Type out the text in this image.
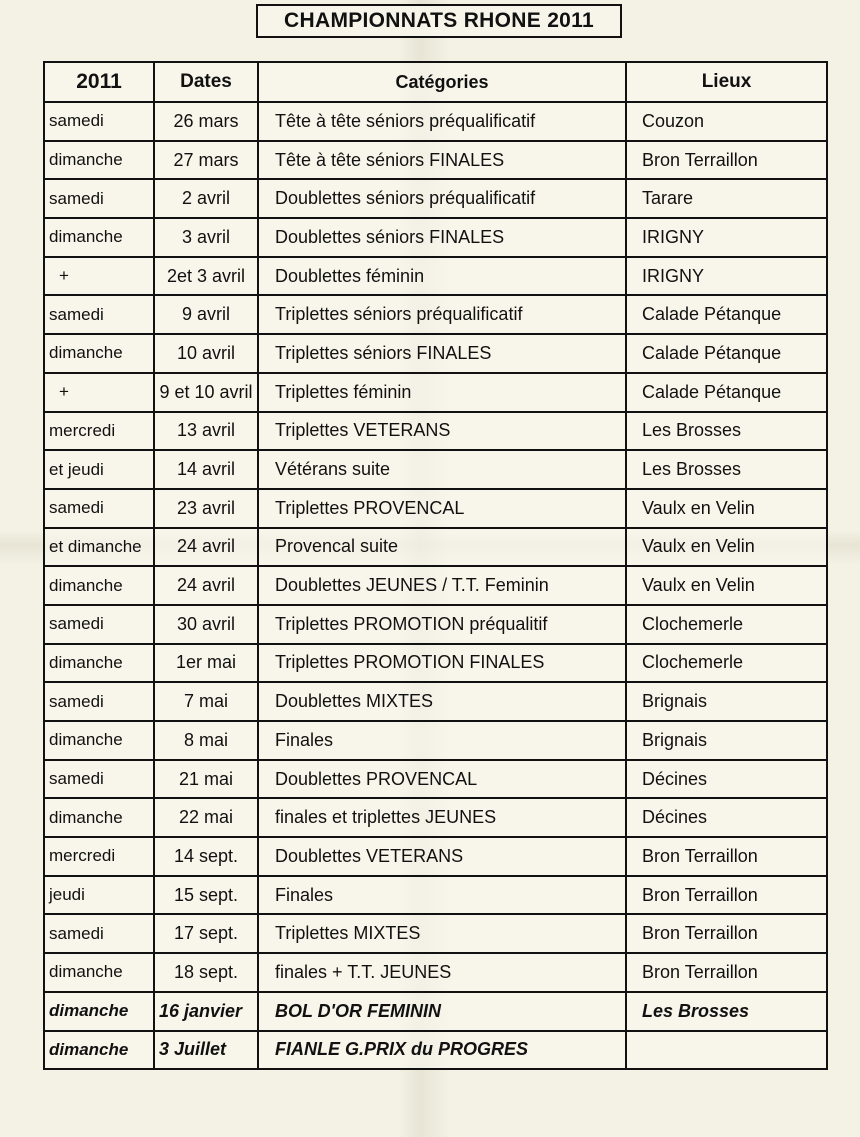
CHAMPIONNATS RHONE 2011
2011	Dates	Catégories	Lieux
samedi	26 mars	Tête à tête séniors préqualificatif	Couzon
dimanche	27 mars	Tête à tête séniors FINALES	Bron Terraillon
samedi	2 avril	Doublettes séniors préqualificatif	Tarare
dimanche	3 avril	Doublettes séniors FINALES	IRIGNY
+	2et 3 avril	Doublettes féminin	IRIGNY
samedi	9 avril	Triplettes séniors préqualificatif	Calade Pétanque
dimanche	10 avril	Triplettes séniors FINALES	Calade Pétanque
+	9 et 10 avril	Triplettes féminin	Calade Pétanque
mercredi	13 avril	Triplettes VETERANS	Les Brosses
et jeudi	14 avril	Vétérans suite	Les Brosses
samedi	23 avril	Triplettes PROVENCAL	Vaulx en Velin
et dimanche	24 avril	Provencal suite	Vaulx en Velin
dimanche	24 avril	Doublettes JEUNES / T.T. Feminin	Vaulx en Velin
samedi	30 avril	Triplettes PROMOTION préqualitif	Clochemerle
dimanche	1er mai	Triplettes PROMOTION FINALES	Clochemerle
samedi	7 mai	Doublettes MIXTES	Brignais
dimanche	8 mai	Finales	Brignais
samedi	21 mai	Doublettes PROVENCAL	Décines
dimanche	22 mai	finales et triplettes JEUNES	Décines
mercredi	14 sept.	Doublettes VETERANS	Bron Terraillon
jeudi	15 sept.	Finales	Bron Terraillon
samedi	17 sept.	Triplettes MIXTES	Bron Terraillon
dimanche	18 sept.	finales + T.T. JEUNES	Bron Terraillon
dimanche	16 janvier	BOL D'OR FEMININ	Les Brosses
dimanche	3 Juillet	FIANLE G.PRIX du PROGRES	
